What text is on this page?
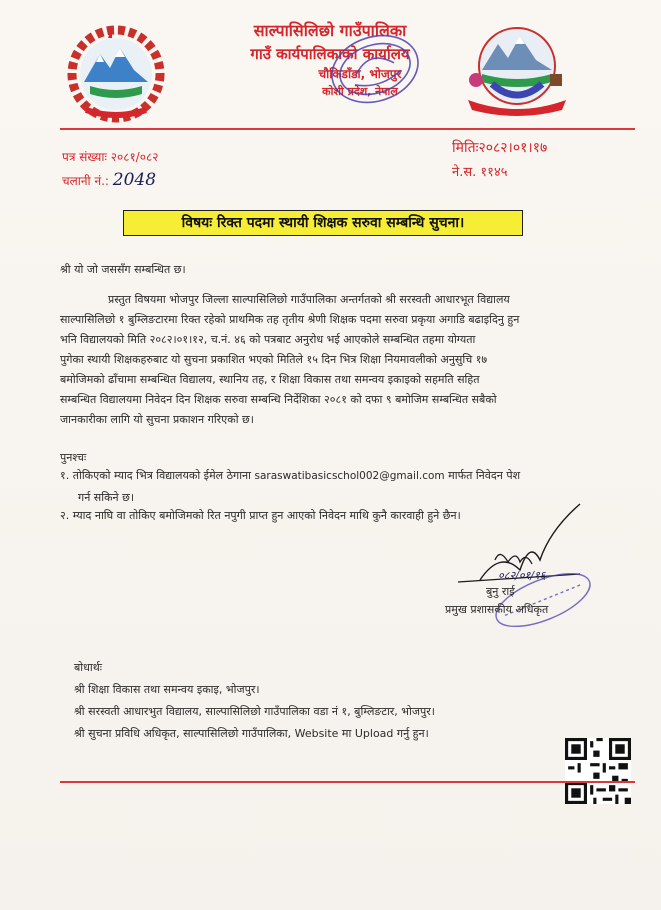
साल्पासिलिछो गाउँपालिका
गाउँ कार्यपालिकाको कार्यालय
चौकिडाँडा, भोजपुर
कोशी प्रदेश, नेपाल
पत्र संख्याः २०८१/०८२
चलानी नं.: 2048
मितिः२०८२।०१।१७
ने.स. ११४५
विषयः रिक्त पदमा स्थायी शिक्षक सरुवा सम्बन्धि सुचना।
श्री यो जो जससँग सम्बन्धित छ।
प्रस्तुत विषयमा भोजपुर जिल्ला साल्पासिलिछो गाउँपालिका अन्तर्गतको श्री सरस्वती आधारभूत विद्यालय
साल्पासिलिछो १ बुम्लिङटारमा रिक्त रहेको प्राथमिक तह तृतीय श्रेणी शिक्षक पदमा सरुवा प्रकृया अगाडि बढाइदिनु हुन
भनि विद्यालयको मिति २०८२।०१।१२, च.नं. ४६ को पत्रबाट अनुरोध भई आएकोले सम्बन्धित तहमा योग्यता
पुगेका स्थायी शिक्षकहरुबाट यो सुचना प्रकाशित भएको मितिले १५ दिन भित्र शिक्षा नियमावलीको अनुसुचि १७
बमोजिमको ढाँचामा सम्बन्धित विद्यालय, स्थानिय तह, र शिक्षा विकास तथा समन्वय इकाइको सहमति सहित
सम्बन्धित विद्यालयमा निवेदन दिन शिक्षक सरुवा सम्बन्धि निर्देशिका २०८१ को दफा ९ बमोजिम सम्बन्धित सबैको
जानकारीका लागि यो सुचना प्रकाशन गरिएको छ।
पुनश्चः
१. तोकिएको म्याद भित्र विद्यालयको ईमेल ठेगाना saraswatibasicschol002@gmail.com मार्फत निवेदन पेश
गर्न सकिने छ।
२. म्याद नाघि वा तोकिए बमोजिमको रित नपुगी प्राप्त हुन आएको निवेदन माथि कुनै कारवाही हुने छैन।
०८२/०१/१६
बुनु राई
प्रमुख प्रशासकीय अधिकृत
बोधार्थः
श्री शिक्षा विकास तथा समन्वय इकाइ, भोजपुर।
श्री सरस्वती आधारभुत विद्यालय, साल्पासिलिछो गाउँपालिका वडा नं १, बुम्लिङटार, भोजपुर।
श्री सुचना प्रविधि अधिकृत, साल्पासिलिछो गाउँपालिका, Website मा Upload गर्नु हुन।
